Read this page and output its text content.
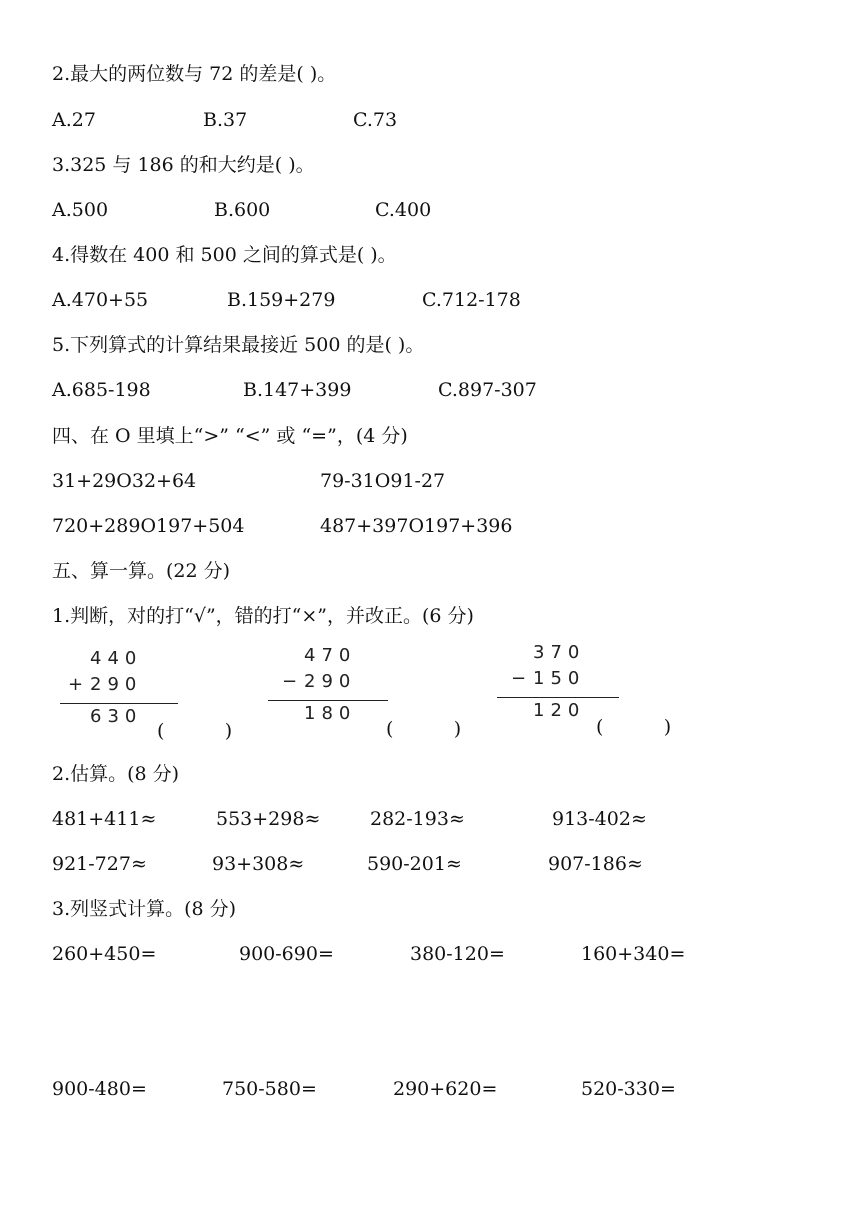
2.最大的两位数与 72 的差是( )。
A.27	B.37	C.73
3.325 与 186 的和大约是( )。
A.500	B.600	C.400
4.得数在 400 和 500 之间的算式是( )。
A.470+55	B.159+279	C.712-178
5.下列算式的计算结果最接近 500 的是( )。
A.685-198	B.147+399	C.897-307
四、在 O 里填上“>” “<” 或 “=”，(4 分)
31+29O32+64	79-31O91-27
720+289O197+504	487+397O197+396
五、算一算。(22 分)
1.判断，对的打“√”，错的打“×”，并改正。(6 分)
440
+ 290
630
(          )
470
− 290
180
(          )
370
− 150
120
(          )
2.估算。(8 分)
481+411≈	553+298≈	282-193≈	913-402≈
921-727≈	93+308≈	590-201≈	907-186≈
3.列竖式计算。(8 分)
260+450=	900-690=	380-120=	160+340=
900-480=	750-580=	290+620=	520-330=
